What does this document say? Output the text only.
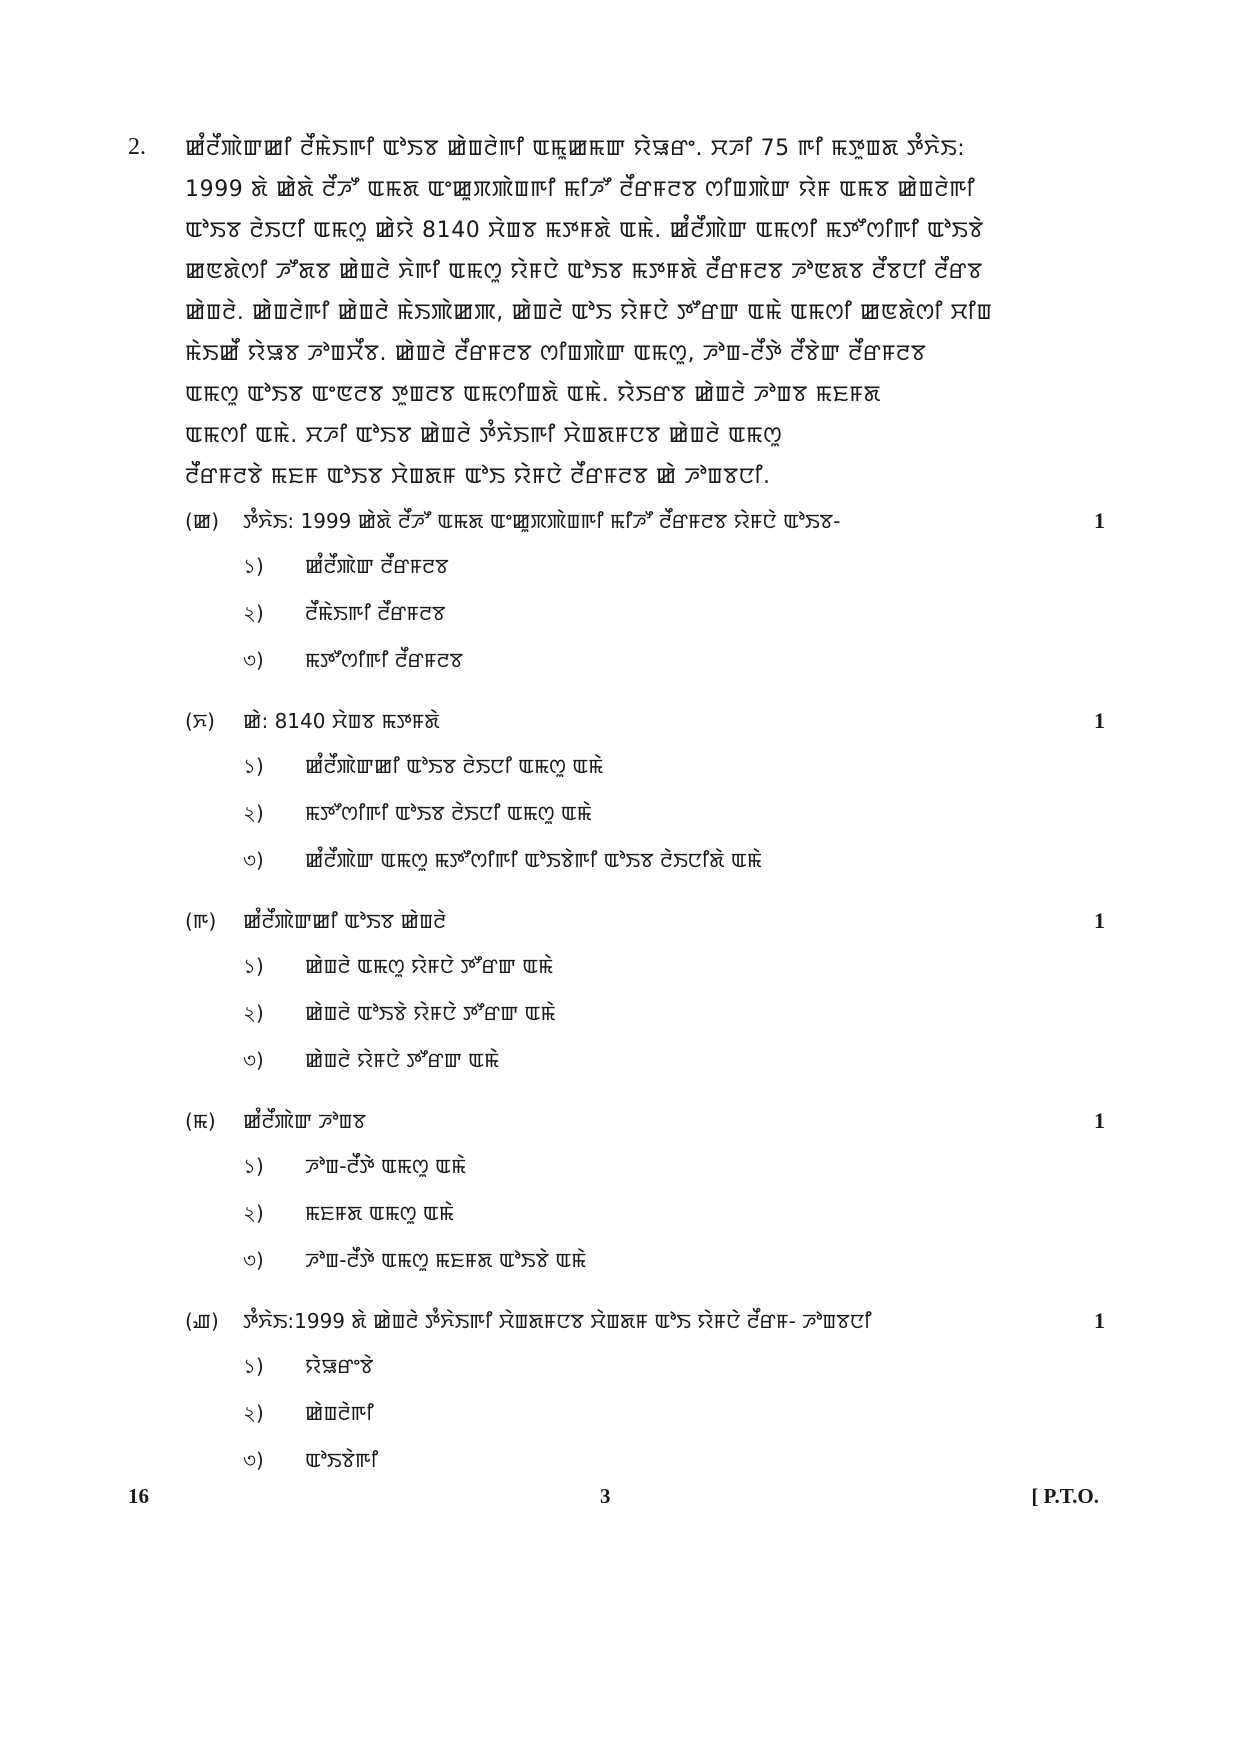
2. ꯀꯪꯂꯩꯄꯥꯛꯀꯤ ꯂꯩꯃꯥꯏꯒꯤ ꯑꯣꯏꯕ ꯀꯥꯡꯂꯥꯒꯤ ꯑꯃꯨꯀꯃꯛ ꯌꯥꯎꯔꯦ. ꯆꯍꯤ 75 ꯒꯤ ꯃꯇꯨꯡꯗ ꯇꯪꯈꯥꯏ:
1999 ꯗꯥ ꯀꯥꯗꯥ ꯂꯩꯍꯧ ꯑꯃꯗ ꯑꯦꯀꯨꯞꯄꯥꯡꯒꯤ ꯃꯤꯍꯧ ꯂꯩꯔꯝꯂꯕ ꯁꯤꯡꯄꯥꯛ ꯌꯥꯝ ꯑꯃꯕ ꯀꯥꯡꯂꯥꯒꯤ
ꯑꯣꯏꯕ ꯂꯥꯏꯅꯤ ꯑꯃꯁꯨ ꯀꯥꯌꯥ 8140 ꯆꯥꯡꯕ ꯃꯇꯝꯗꯥ ꯑꯃꯥ. ꯀꯪꯂꯩꯄꯥꯛ ꯑꯃꯁꯤ ꯃꯇꯧꯁꯤꯒꯤ ꯑꯣꯏꯕꯥ
ꯀꯟꯗꯥꯁꯤ ꯍꯧꯗꯕ ꯀꯥꯡꯂꯥ ꯈꯥꯒꯤ ꯑꯃꯁꯨ ꯌꯥꯝꯅꯥ ꯑꯣꯏꯕ ꯃꯇꯝꯗꯥ ꯂꯩꯔꯝꯂꯕ ꯍꯣꯟꯗꯕ ꯂꯩꯕꯅꯤ ꯂꯩꯔꯕ
ꯀꯥꯡꯂꯥ. ꯀꯥꯡꯂꯥꯒꯤ ꯀꯥꯡꯂꯥ ꯃꯥꯏꯄꯥꯀꯄ, ꯀꯥꯡꯂꯥ ꯑꯣꯏ ꯌꯥꯝꯅꯥ ꯇꯧꯔꯛ ꯑꯃꯥ ꯑꯃꯁꯤ ꯀꯟꯗꯥꯁꯤ ꯆꯤꯡ
ꯃꯥꯏꯀꯩ ꯌꯥꯎꯕ ꯍꯣꯡꯆꯩꯕ. ꯀꯥꯡꯂꯥ ꯂꯩꯔꯝꯂꯕ ꯁꯤꯡꯄꯥꯛ ꯑꯃꯁꯨ, ꯍꯣꯡ-ꯂꯩꯇꯥ ꯂꯩꯕꯥꯛ ꯂꯩꯔꯝꯂꯕ
ꯑꯃꯁꯨ ꯑꯣꯏꯕ ꯑꯦꯟꯂꯕ ꯇꯨꯡꯂꯕ ꯑꯃꯁꯤꯡꯗꯥ ꯑꯃꯥ. ꯌꯥꯏꯔꯕ ꯀꯥꯡꯂꯥ ꯍꯣꯡꯕ ꯃꯐꯝꯗ
ꯑꯃꯁꯤ ꯑꯃꯥ. ꯆꯍꯤ ꯑꯣꯏꯕ ꯀꯥꯡꯂꯥ ꯇꯪꯈꯥꯏꯒꯤ ꯆꯥꯡꯗꯝꯅꯕ ꯀꯥꯡꯂꯥ ꯑꯃꯁꯨ
ꯂꯩꯔꯝꯂꯕꯥ ꯃꯐꯝ ꯑꯣꯏꯕ ꯆꯥꯡꯗꯝ ꯑꯣꯏ ꯌꯥꯝꯅꯥ ꯂꯩꯔꯝꯂꯕ ꯀꯥ ꯍꯣꯡꯕꯅꯤ.
(ꯀ) ꯇꯪꯈꯥꯏ: 1999 ꯀꯥꯗꯥ ꯂꯩꯍꯧ ꯑꯃꯗ ꯑꯦꯀꯨꯞꯄꯥꯡꯒꯤ ꯃꯤꯍꯧ ꯂꯩꯔꯝꯂꯕ ꯌꯥꯝꯅꯥ ꯑꯣꯏꯕ-	1
১) ꯀꯪꯂꯩꯄꯥꯛ ꯂꯩꯔꯝꯂꯕ
২) ꯂꯩꯃꯥꯏꯒꯤ ꯂꯩꯔꯝꯂꯕ
৩) ꯃꯇꯧꯁꯤꯒꯤ ꯂꯩꯔꯝꯂꯕ
(ꯈ) ꯀꯥ: 8140 ꯆꯥꯡꯕ ꯃꯇꯝꯗꯥ	1
১) ꯀꯪꯂꯩꯄꯥꯛꯀꯤ ꯑꯣꯏꯕ ꯂꯥꯏꯅꯤ ꯑꯃꯁꯨ ꯑꯃꯥ
২) ꯃꯇꯧꯁꯤꯒꯤ ꯑꯣꯏꯕ ꯂꯥꯏꯅꯤ ꯑꯃꯁꯨ ꯑꯃꯥ
৩) ꯀꯪꯂꯩꯄꯥꯛ ꯑꯃꯁꯨ ꯃꯇꯧꯁꯤꯒꯤ ꯑꯣꯏꯕꯥꯒꯤ ꯑꯣꯏꯕ ꯂꯥꯏꯅꯤꯗꯥ ꯑꯃꯥ
(ꯒ) ꯀꯪꯂꯩꯄꯥꯛꯀꯤ ꯑꯣꯏꯕ ꯀꯥꯡꯂꯥ	1
১) ꯀꯥꯡꯂꯥ ꯑꯃꯁꯨ ꯌꯥꯝꯅꯥ ꯇꯧꯔꯛ ꯑꯃꯥ
২) ꯀꯥꯡꯂꯥ ꯑꯣꯏꯕꯥ ꯌꯥꯝꯅꯥ ꯇꯧꯔꯛ ꯑꯃꯥ
৩) ꯀꯥꯡꯂꯥ ꯌꯥꯝꯅꯥ ꯇꯧꯔꯛ ꯑꯃꯥ
(ꯃ) ꯀꯪꯂꯩꯄꯥꯛ ꯍꯣꯡꯕ	1
১) ꯍꯣꯡ-ꯂꯩꯇꯥ ꯑꯃꯁꯨ ꯑꯃꯥ
২) ꯃꯐꯝꯗ ꯑꯃꯁꯨ ꯑꯃꯥ
৩) ꯍꯣꯡ-ꯂꯩꯇꯥ ꯑꯃꯁꯨ ꯃꯐꯝꯗ ꯑꯣꯏꯕꯥ ꯑꯃꯥ
(ꯉ) ꯇꯪꯈꯥꯏ:1999 ꯗꯥ ꯀꯥꯡꯂꯥ ꯇꯪꯈꯥꯏꯒꯤ ꯆꯥꯡꯗꯝꯅꯕ ꯆꯥꯡꯗꯝ ꯑꯣꯏ ꯌꯥꯝꯅꯥ ꯂꯩꯔꯝ- ꯍꯣꯡꯕꯅꯤ	1
১) ꯌꯥꯎꯔꯦꯕꯥ
২) ꯀꯥꯡꯂꯥꯒꯤ
৩) ꯑꯣꯏꯕꯥꯒꯤ
16	3	[ P.T.O.
